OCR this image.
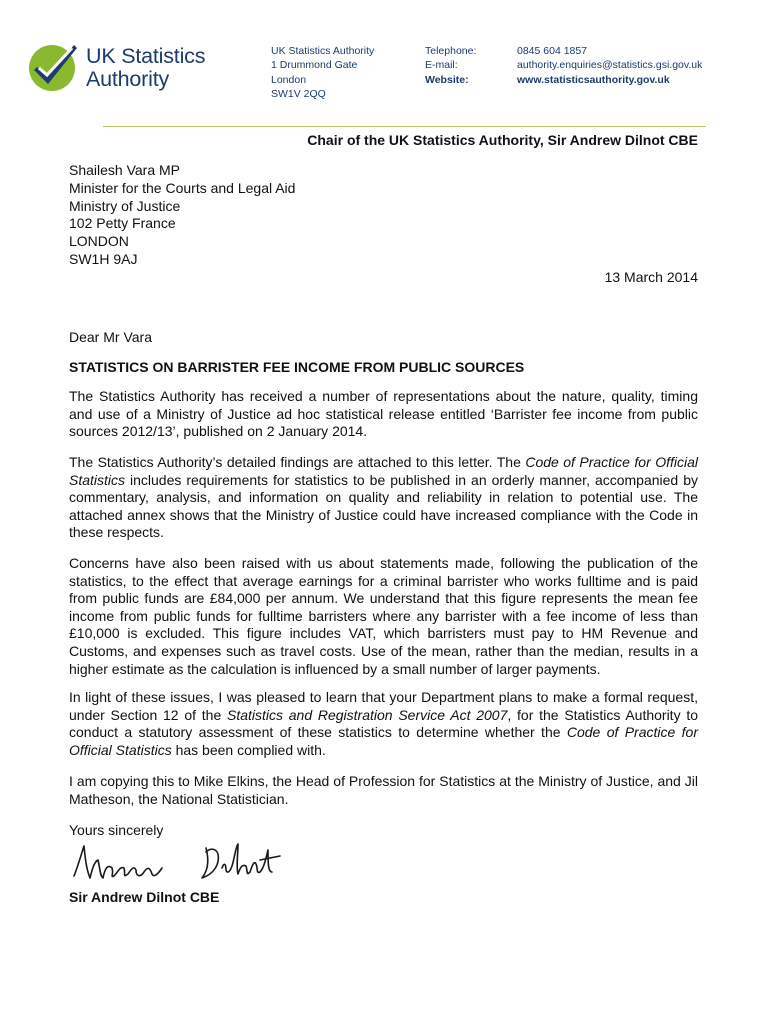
UK Statistics
Authority
UK Statistics Authority
1 Drummond Gate
London
SW1V 2QQ
Telephone:
E-mail:
Website:
0845 604 1857
authority.enquiries@statistics.gsi.gov.uk
www.statisticsauthority.gov.uk
Chair of the UK Statistics Authority, Sir Andrew Dilnot CBE
Shailesh Vara MP
Minister for the Courts and Legal Aid
Ministry of Justice
102 Petty France
LONDON
SW1H 9AJ
13 March 2014
Dear Mr Vara
STATISTICS ON BARRISTER FEE INCOME FROM PUBLIC SOURCES

The Statistics Authority has received a number of representations about the nature, quality, timing and use of a Ministry of Justice ad hoc statistical release entitled ‘Barrister fee income from public sources 2012/13’, published on 2 January 2014.

The Statistics Authority’s detailed findings are attached to this letter. The Code of Practice for Official Statistics includes requirements for statistics to be published in an orderly manner, accompanied by commentary, analysis, and information on quality and reliability in relation to potential use. The attached annex shows that the Ministry of Justice could have increased compliance with the Code in these respects.

Concerns have also been raised with us about statements made, following the publication of the statistics, to the effect that average earnings for a criminal barrister who works fulltime and is paid from public funds are £84,000 per annum. We understand that this figure represents the mean fee income from public funds for fulltime barristers where any barrister with a fee income of less than £10,000 is excluded. This figure includes VAT, which barristers must pay to HM Revenue and Customs, and expenses such as travel costs. Use of the mean, rather than the median, results in a higher estimate as the calculation is influenced by a small number of larger payments.

In light of these issues, I was pleased to learn that your Department plans to make a formal request, under Section 12 of the Statistics and Registration Service Act 2007, for the Statistics Authority to conduct a statutory assessment of these statistics to determine whether the Code of Practice for Official Statistics has been complied with.

I am copying this to Mike Elkins, the Head of Profession for Statistics at the Ministry of Justice, and Jil Matheson, the National Statistician.

Yours sincerely
Sir Andrew Dilnot CBE
